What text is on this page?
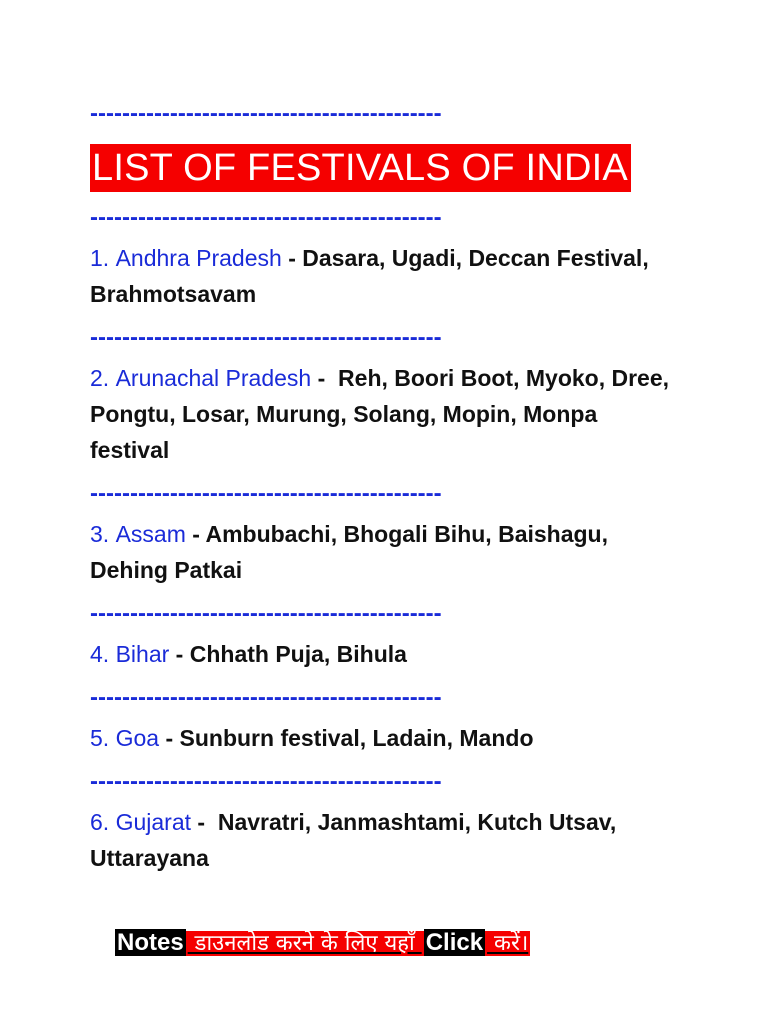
--------------------------------------------
LIST OF FESTIVALS OF INDIA
--------------------------------------------
1. Andhra Pradesh - Dasara, Ugadi, Deccan Festival, Brahmotsavam
--------------------------------------------
2. Arunachal Pradesh -  Reh, Boori Boot, Myoko, Dree, Pongtu, Losar, Murung, Solang, Mopin, Monpa festival
--------------------------------------------
3. Assam - Ambubachi, Bhogali Bihu, Baishagu, Dehing Patkai
--------------------------------------------
4. Bihar - Chhath Puja, Bihula
--------------------------------------------
5. Goa - Sunburn festival, Ladain, Mando
--------------------------------------------
6. Gujarat -  Navratri, Janmashtami, Kutch Utsav, Uttarayana
Notes डाउनलोड करने के लिए यहाँ Click करें।
